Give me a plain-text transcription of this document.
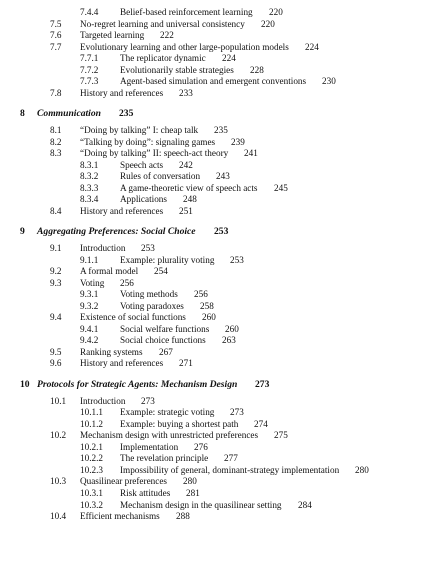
7.4.4 Belief-based reinforcement learning 220
7.5 No-regret learning and universal consistency 220
7.6 Targeted learning 222
7.7 Evolutionary learning and other large-population models 224
7.7.1 The replicator dynamic 224
7.7.2 Evolutionarily stable strategies 228
7.7.3 Agent-based simulation and emergent conventions 230
7.8 History and references 233
8 Communication 235
8.1 “Doing by talking” I: cheap talk 235
8.2 “Talking by doing”: signaling games 239
8.3 “Doing by talking” II: speech-act theory 241
8.3.1 Speech acts 242
8.3.2 Rules of conversation 243
8.3.3 A game-theoretic view of speech acts 245
8.3.4 Applications 248
8.4 History and references 251
9 Aggregating Preferences: Social Choice 253
9.1 Introduction 253
9.1.1 Example: plurality voting 253
9.2 A formal model 254
9.3 Voting 256
9.3.1 Voting methods 256
9.3.2 Voting paradoxes 258
9.4 Existence of social functions 260
9.4.1 Social welfare functions 260
9.4.2 Social choice functions 263
9.5 Ranking systems 267
9.6 History and references 271
10 Protocols for Strategic Agents: Mechanism Design 273
10.1 Introduction 273
10.1.1 Example: strategic voting 273
10.1.2 Example: buying a shortest path 274
10.2 Mechanism design with unrestricted preferences 275
10.2.1 Implementation 276
10.2.2 The revelation principle 277
10.2.3 Impossibility of general, dominant-strategy implementation 280
10.3 Quasilinear preferences 280
10.3.1 Risk attitudes 281
10.3.2 Mechanism design in the quasilinear setting 284
10.4 Efficient mechanisms 288
